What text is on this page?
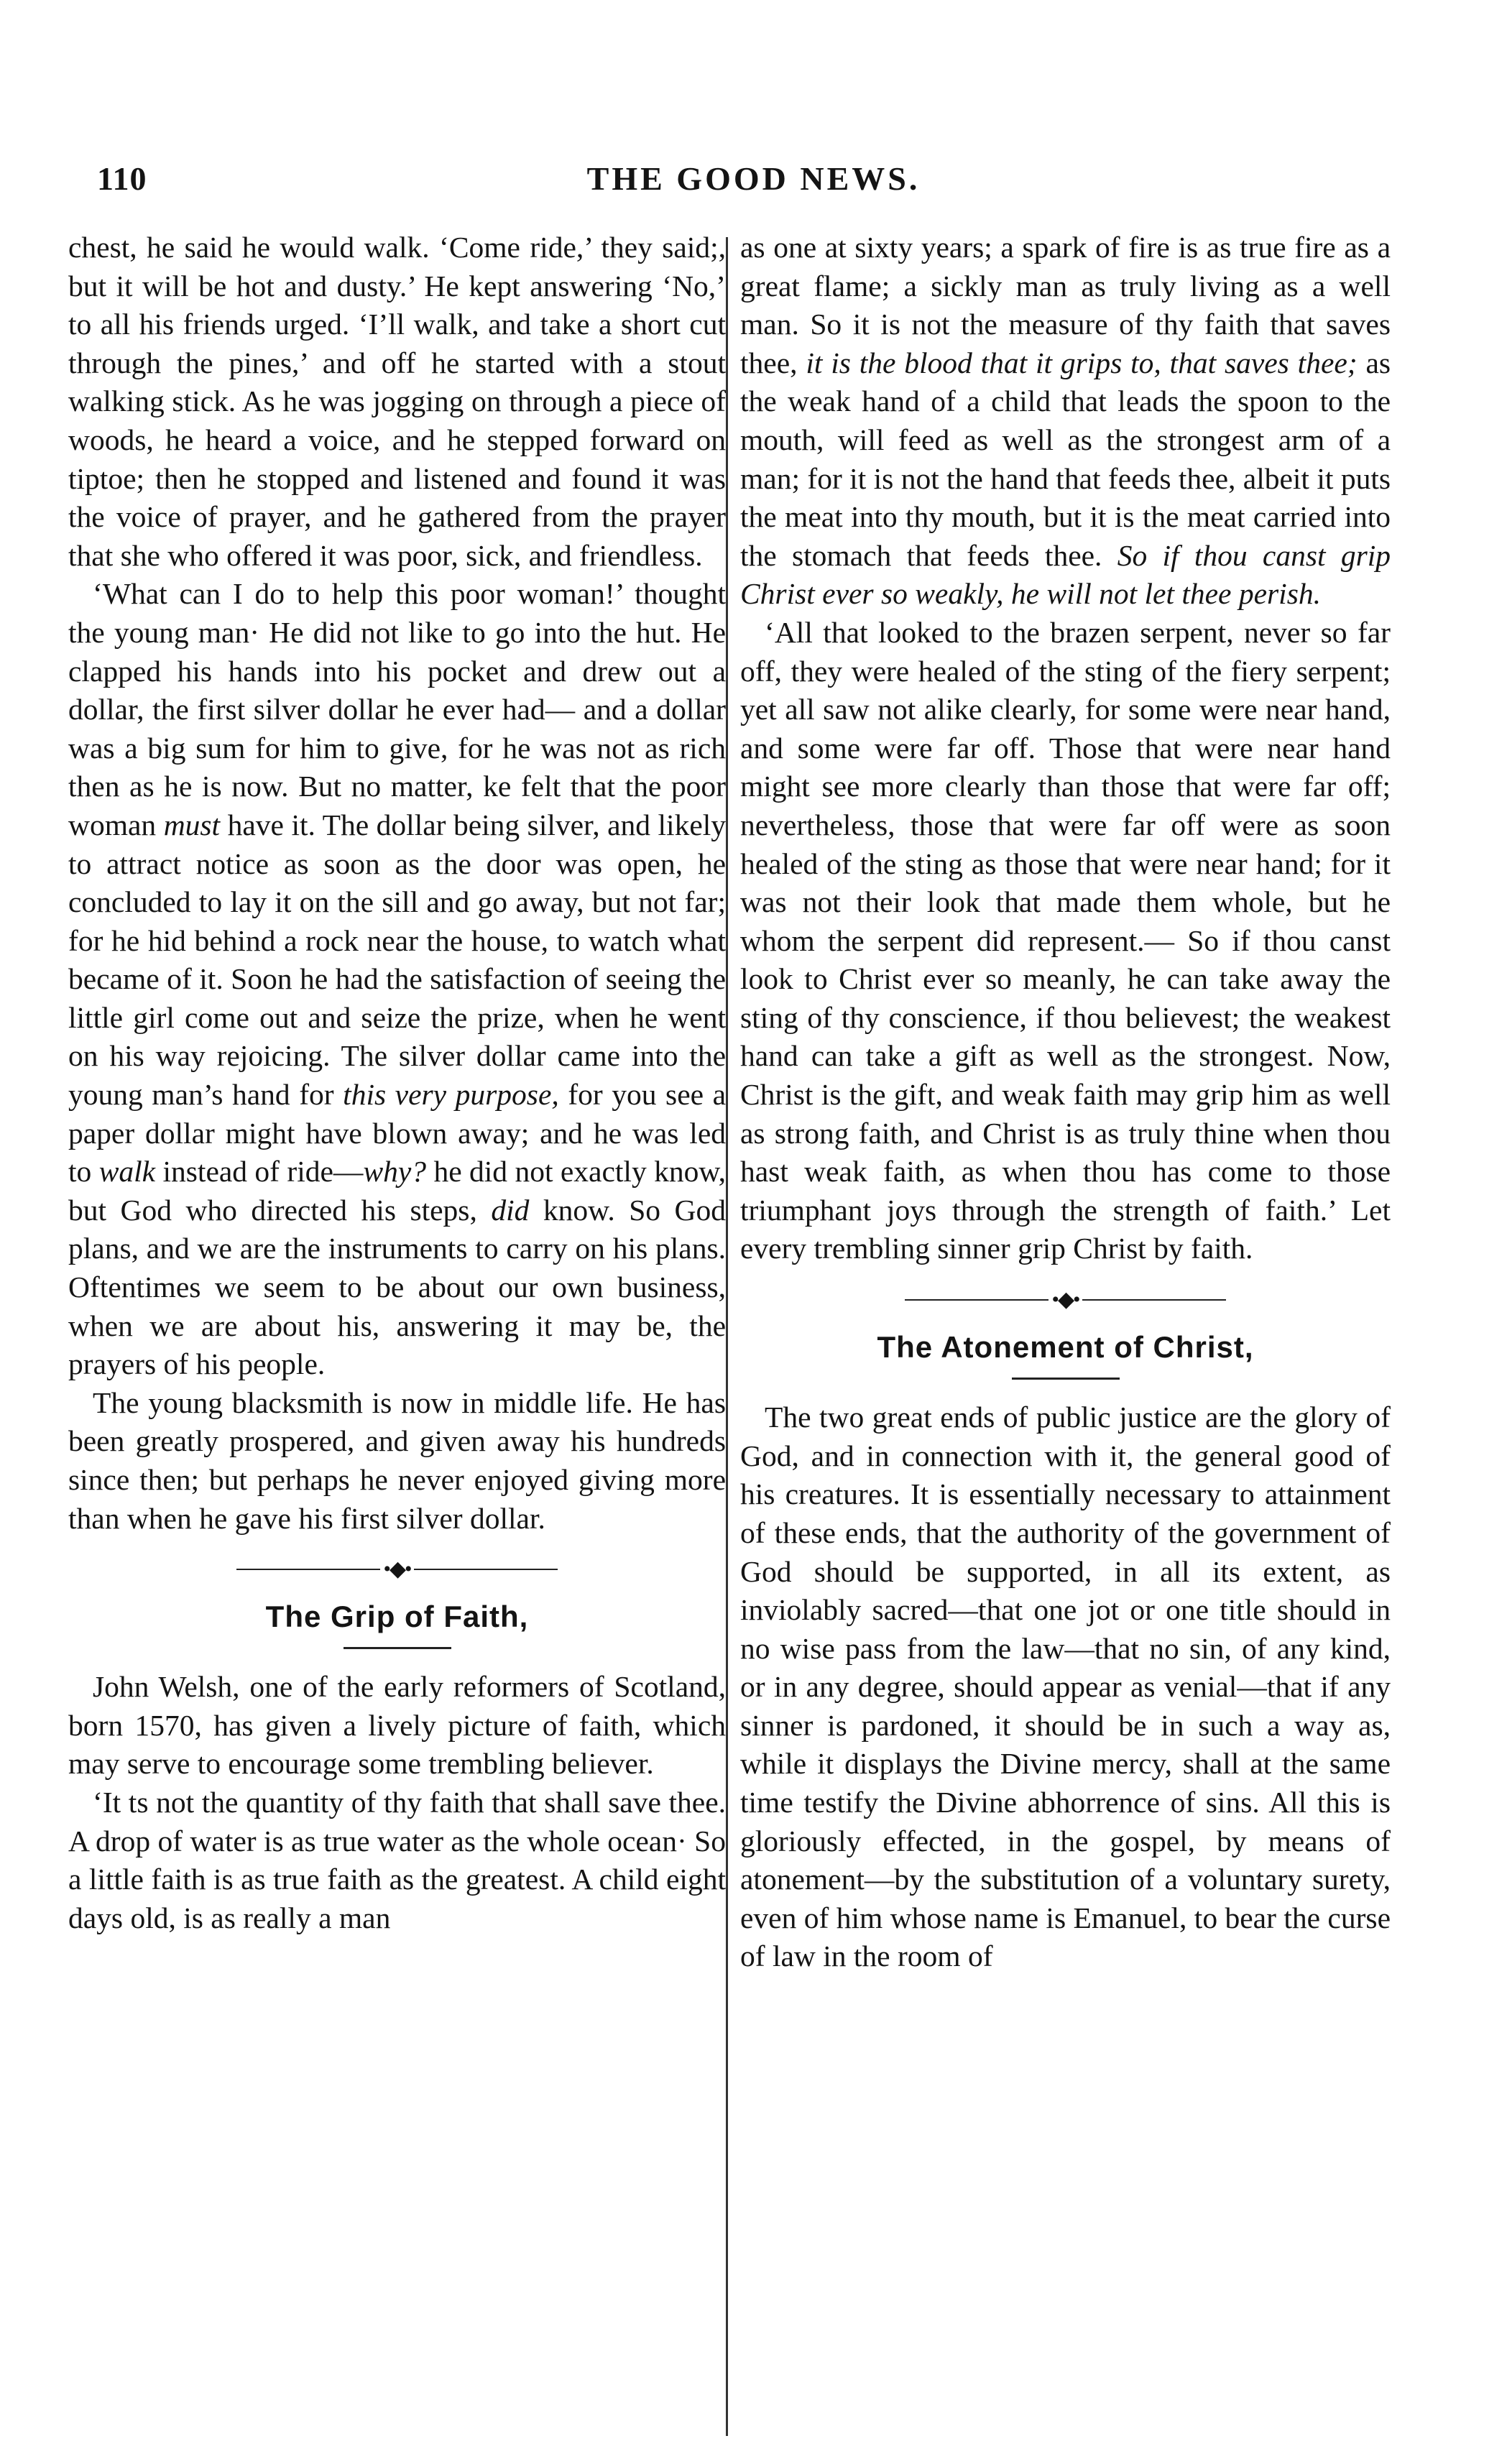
110	THE GOOD NEWS.

chest, he said he would walk. ‘Come ride,’ they said;, but it will be hot and dusty.’ He kept answering ‘No,’ to all his friends urged. ‘I’ll walk, and take a short cut through the pines,’ and off he started with a stout walking stick. As he was jogging on through a piece of woods, he heard a voice, and he stepped forward on tiptoe; then he stopped and listened and found it was the voice of prayer, and he gathered from the prayer that she who offered it was poor, sick, and friendless.

‘What can I do to help this poor woman!’ thought the young man· He did not like to go into the hut. He clapped his hands into his pocket and drew out a dollar, the first silver dollar he ever had— and a dollar was a big sum for him to give, for he was not as rich then as he is now. But no matter, ke felt that the poor woman must have it. The dollar being silver, and likely to attract notice as soon as the door was open, he concluded to lay it on the sill and go away, but not far; for he hid behind a rock near the house, to watch what became of it. Soon he had the satisfaction of seeing the little girl come out and seize the prize, when he went on his way rejoicing. The silver dollar came into the young man’s hand for this very purpose, for you see a paper dollar might have blown away; and he was led to walk instead of ride—why? he did not exactly know, but God who directed his steps, did know. So God plans, and we are the instruments to carry on his plans. Oftentimes we seem to be about our own business, when we are about his, answering it may be, the prayers of his people.

The young blacksmith is now in middle life. He has been greatly prospered, and given away his hundreds since then; but perhaps he never enjoyed giving more than when he gave his first silver dollar.

•◆•
The Grip of Faith,

John Welsh, one of the early reformers of Scotland, born 1570, has given a lively picture of faith, which may serve to encourage some trembling believer.

‘It ts not the quantity of thy faith that shall save thee. A drop of water is as true water as the whole ocean· So a little faith is as true faith as the greatest. A child eight days old, is as really a man

as one at sixty years; a spark of fire is as true fire as a great flame; a sickly man as truly living as a well man. So it is not the measure of thy faith that saves thee, it is the blood that it grips to, that saves thee; as the weak hand of a child that leads the spoon to the mouth, will feed as well as the strongest arm of a man; for it is not the hand that feeds thee, albeit it puts the meat into thy mouth, but it is the meat carried into the stomach that feeds thee. So if thou canst grip Christ ever so weakly, he will not let thee perish.

‘All that looked to the brazen serpent, never so far off, they were healed of the sting of the fiery serpent; yet all saw not alike clearly, for some were near hand, and some were far off. Those that were near hand might see more clearly than those that were far off; nevertheless, those that were far off were as soon healed of the sting as those that were near hand; for it was not their look that made them whole, but he whom the serpent did represent.— So if thou canst look to Christ ever so meanly, he can take away the sting of thy conscience, if thou believest; the weakest hand can take a gift as well as the strongest. Now, Christ is the gift, and weak faith may grip him as well as strong faith, and Christ is as truly thine when thou hast weak faith, as when thou has come to those triumphant joys through the strength of faith.’ Let every trembling sinner grip Christ by faith.

•◆•
The Atonement of Christ,

The two great ends of public justice are the glory of God, and in connection with it, the general good of his creatures. It is essentially necessary to attainment of these ends, that the authority of the government of God should be supported, in all its extent, as inviolably sacred—that one jot or one title should in no wise pass from the law—that no sin, of any kind, or in any degree, should appear as venial—that if any sinner is pardoned, it should be in such a way as, while it displays the Divine mercy, shall at the same time testify the Divine abhorrence of sins. All this is gloriously effected, in the gospel, by means of atonement—by the substitution of a voluntary surety, even of him whose name is Emanuel, to bear the curse of law in the room of
